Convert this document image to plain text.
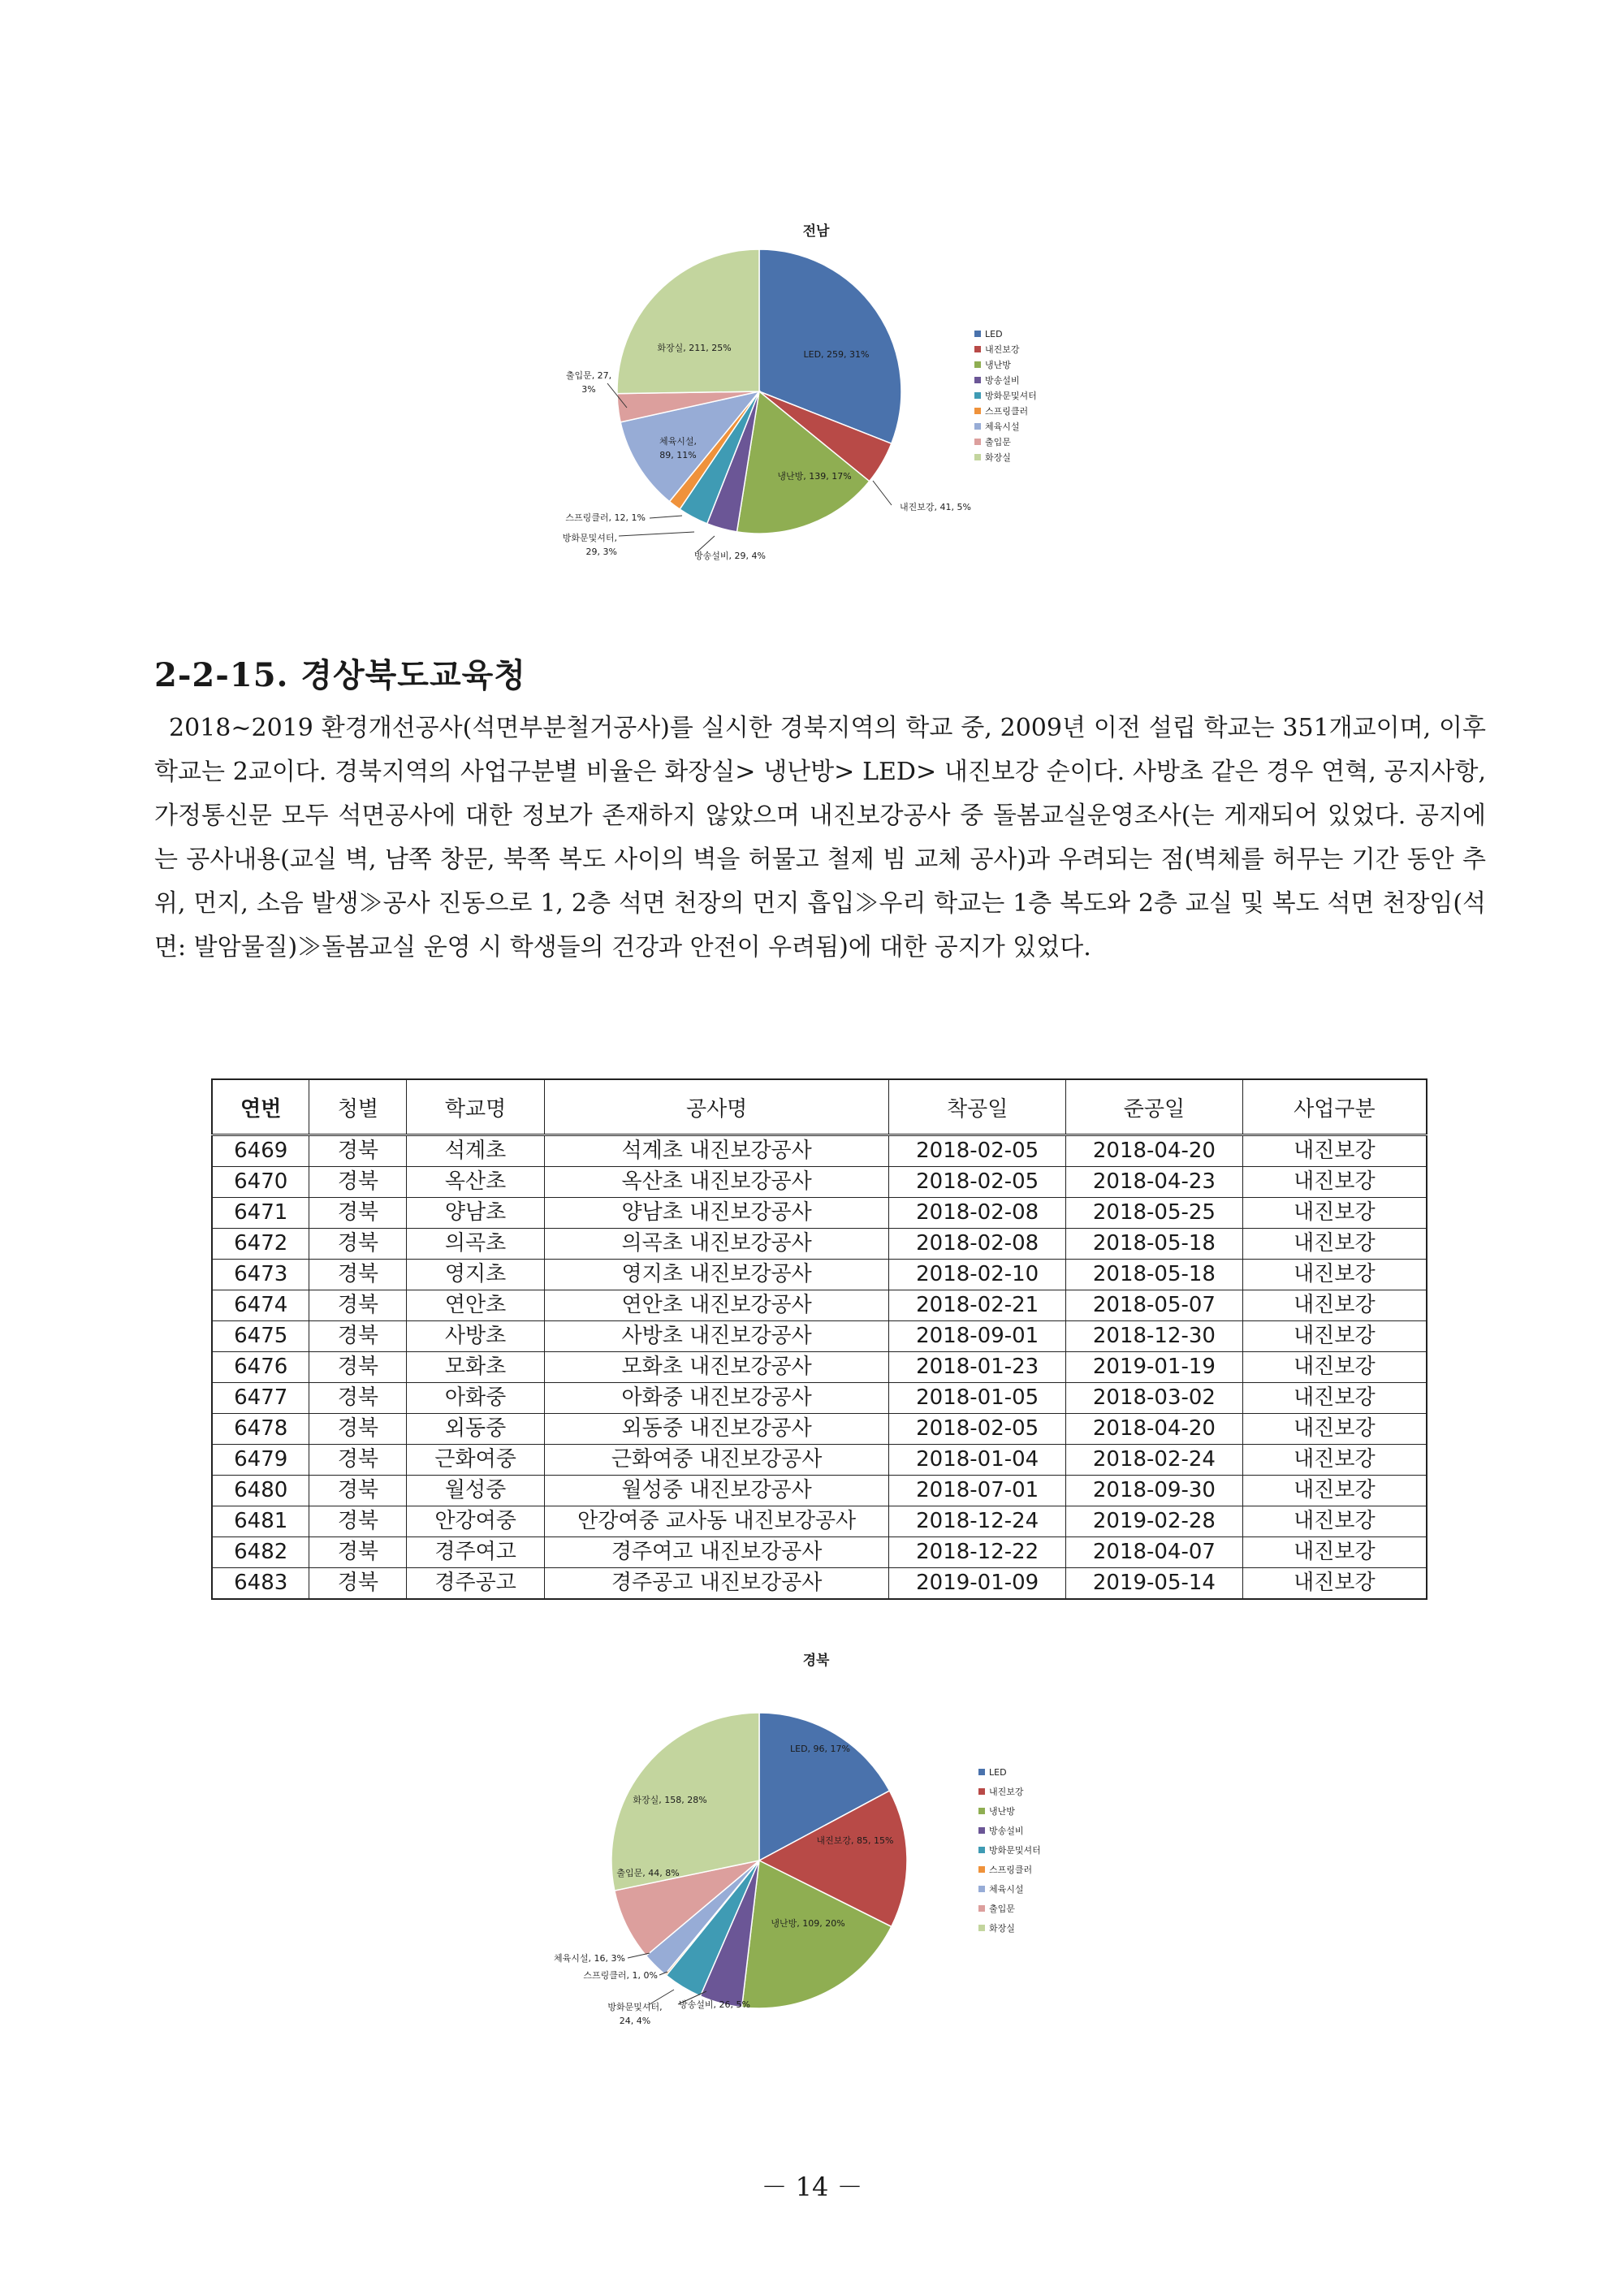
전남
LED, 259, 31%
내진보강, 41, 5%
냉난방, 139, 17%
방송설비, 29, 4%
방화문및셔터, 29, 3%
스프링클러, 12, 1%
체육시설, 89, 11%
출입문, 27, 3%
화장실, 211, 25%
LED
내진보강
냉난방
방송설비
방화문및셔터
스프링클러
체육시설
출입문
화장실
2-2-15. 경상북도교육청

2018~2019 환경개선공사(석면부분철거공사)를 실시한 경북지역의 학교 중, 2009년 이전 설립 학교는 351개교이며, 이후 학교는 2교이다. 경북지역의 사업구분별 비율은 화장실> 냉난방> LED> 내진보강 순이다. 사방초 같은 경우 연혁, 공지사항, 가정통신문 모두 석면공사에 대한 정보가 존재하지 않았으며 내진보강공사 중 돌봄교실운영조사(는 게재되어 있었다. 공지에는 공사내용(교실 벽, 남쪽 창문, 북쪽 복도 사이의 벽을 허물고 철제 빔 교체 공사)과 우려되는 점(벽체를 허무는 기간 동안 추위, 먼지, 소음 발생≫공사 진동으로 1, 2층 석면 천장의 먼지 흡입≫우리 학교는 1층 복도와 2층 교실 및 복도 석면 천장임(석면: 발암물질)≫돌봄교실 운영 시 학생들의 건강과 안전이 우려됨)에 대한 공지가 있었다.

연번	청별	학교명	공사명	착공일	준공일	사업구분
6469	경북	석계초	석계초 내진보강공사	2018-02-05	2018-04-20	내진보강
6470	경북	옥산초	옥산초 내진보강공사	2018-02-05	2018-04-23	내진보강
6471	경북	양남초	양남초 내진보강공사	2018-02-08	2018-05-25	내진보강
6472	경북	의곡초	의곡초 내진보강공사	2018-02-08	2018-05-18	내진보강
6473	경북	영지초	영지초 내진보강공사	2018-02-10	2018-05-18	내진보강
6474	경북	연안초	연안초 내진보강공사	2018-02-21	2018-05-07	내진보강
6475	경북	사방초	사방초 내진보강공사	2018-09-01	2018-12-30	내진보강
6476	경북	모화초	모화초 내진보강공사	2018-01-23	2019-01-19	내진보강
6477	경북	아화중	아화중 내진보강공사	2018-01-05	2018-03-02	내진보강
6478	경북	외동중	외동중 내진보강공사	2018-02-05	2018-04-20	내진보강
6479	경북	근화여중	근화여중 내진보강공사	2018-01-04	2018-02-24	내진보강
6480	경북	월성중	월성중 내진보강공사	2018-07-01	2018-09-30	내진보강
6481	경북	안강여중	안강여중 교사동 내진보강공사	2018-12-24	2019-02-28	내진보강
6482	경북	경주여고	경주여고 내진보강공사	2018-12-22	2018-04-07	내진보강
6483	경북	경주공고	경주공고 내진보강공사	2019-01-09	2019-05-14	내진보강
경북
LED, 96, 17%
내진보강, 85, 15%
냉난방, 109, 20%
방송설비, 26, 5%
방화문및셔터, 24, 4%
스프링클러, 1, 0%
체육시설, 16, 3%
출입문, 44, 8%
화장실, 158, 28%
LED
내진보강
냉난방
방송설비
방화문및셔터
스프링클러
체육시설
출입문
화장실
－ 14 －
